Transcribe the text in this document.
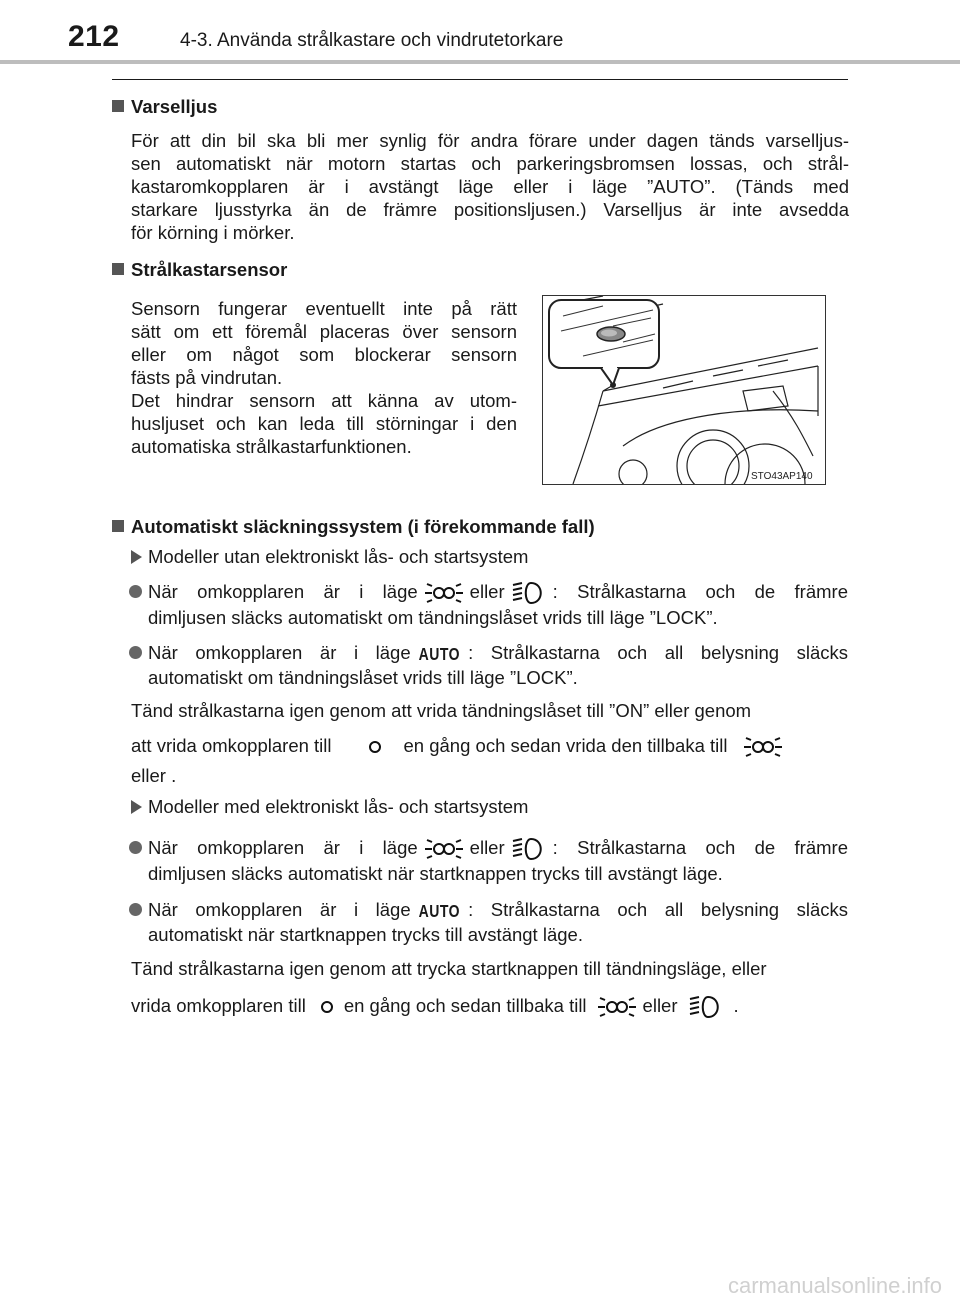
212	4-3. Använda strålkastare och vindrutetorkare
Varselljus
För att din bil ska bli mer synlig för andra förare under dagen tänds varselljus-
sen automatiskt när motorn startas och parkeringsbromsen lossas, och strål-
kastaromkopplaren är i avstängt läge eller i läge ”AUTO”. (Tänds med
starkare ljusstyrka än de främre positionsljusen.) Varselljus är inte avsedda
för körning i mörker.
Strålkastarsensor
Sensorn fungerar eventuellt inte på rätt
sätt om ett föremål placeras över sensorn
eller om något som blockerar sensorn
fästs på vindrutan.
Det hindrar sensorn att känna av utom-
husljuset och kan leda till störningar i den
automatiska strålkastarfunktionen.
STO43AP140
Automatiskt släckningssystem (i förekommande fall)
Modeller utan elektroniskt lås- och startsystem
När omkopplaren är i läge	eller	: Strålkastarna och de främre
dimljusen släcks automatiskt om tändningslåset vrids till läge ”LOCK”.
När omkopplaren är i läge AUTO : Strålkastarna och all belysning släcks
automatiskt om tändningslåset vrids till läge ”LOCK”.
Tänd strålkastarna igen genom att vrida tändningslåset till ”ON” eller genom
att vrida omkopplaren till	en gång och sedan vrida den tillbaka till
eller .
Modeller med elektroniskt lås- och startsystem
När omkopplaren är i läge	eller	: Strålkastarna och de främre
dimljusen släcks automatiskt när startknappen trycks till avstängt läge.
När omkopplaren är i läge AUTO : Strålkastarna och all belysning släcks
automatiskt när startknappen trycks till avstängt läge.
Tänd strålkastarna igen genom att trycka startknappen till tändningsläge, eller
vrida omkopplaren till en gång och sedan tillbaka till	eller	.
carmanualsonline.info
